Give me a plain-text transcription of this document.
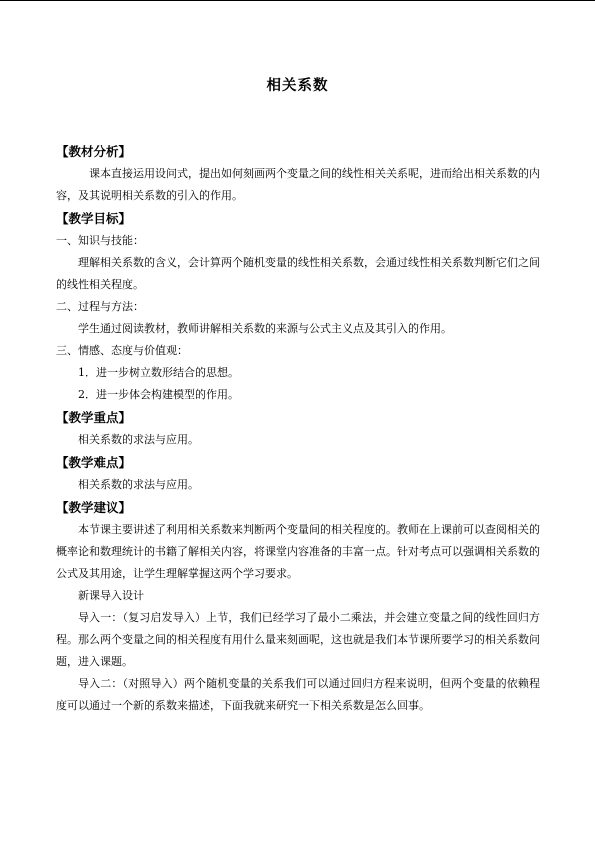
相关系数

【教材分析】

　课本直接运用设问式，提出如何刻画两个变量之间的线性相关关系呢，进而给出相关系数的内容，及其说明相关系数的引入的作用。

【教学目标】

一、知识与技能：

理解相关系数的含义，会计算两个随机变量的线性相关系数，会通过线性相关系数判断它们之间的线性相关程度。

二、过程与方法：

学生通过阅读教材，教师讲解相关系数的来源与公式主义点及其引入的作用。

三、情感、态度与价值观：

1．进一步树立数形结合的思想。

2．进一步体会构建模型的作用。

【教学重点】

相关系数的求法与应用。

【教学难点】

相关系数的求法与应用。

【教学建议】

本节课主要讲述了利用相关系数来判断两个变量间的相关程度的。教师在上课前可以查阅相关的概率论和数理统计的书籍了解相关内容，将课堂内容准备的丰富一点。针对考点可以强调相关系数的公式及其用途，让学生理解掌握这两个学习要求。

新课导入设计

导入一：（复习启发导入）上节，我们已经学习了最小二乘法，并会建立变量之间的线性回归方程。那么两个变量之间的相关程度有用什么量来刻画呢，这也就是我们本节课所要学习的相关系数问题，进入课题。

导入二：（对照导入）两个随机变量的关系我们可以通过回归方程来说明，但两个变量的依赖程度可以通过一个新的系数来描述，下面我就来研究一下相关系数是怎么回事。
